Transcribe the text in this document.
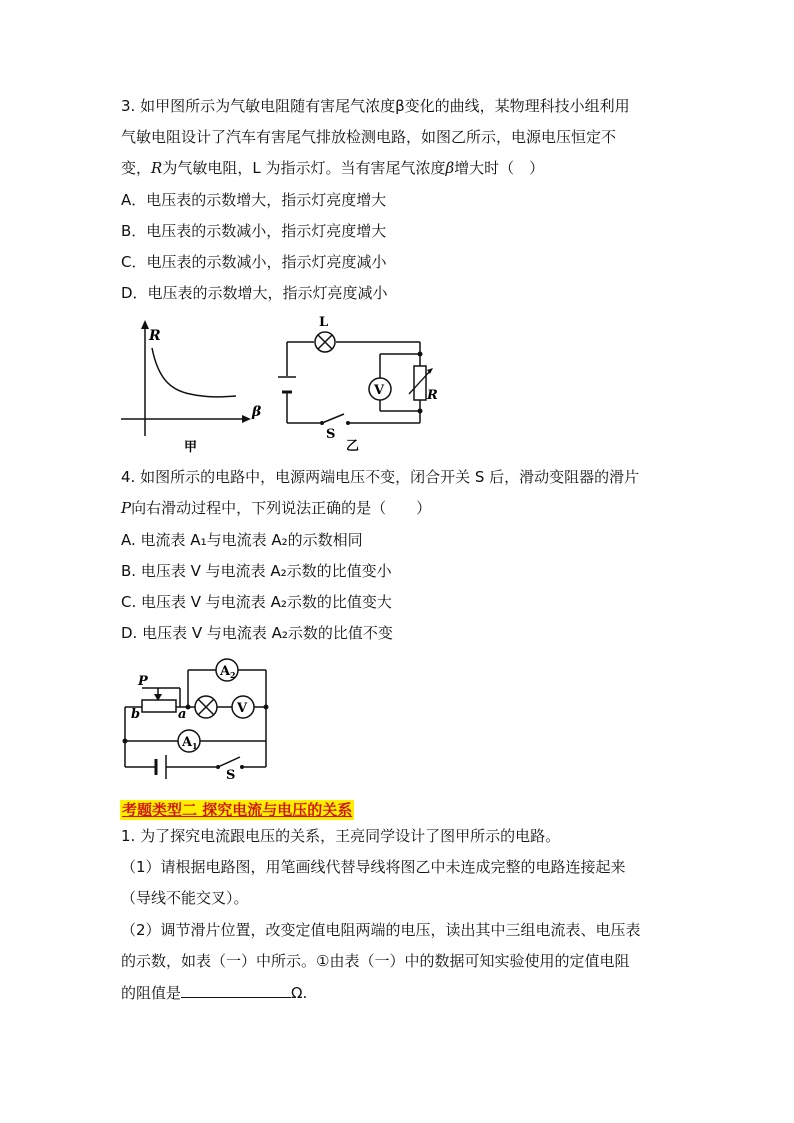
3. 如甲图所示为气敏电阻随有害尾气浓度β变化的曲线，某物理科技小组利用
气敏电阻设计了汽车有害尾气排放检测电路，如图乙所示，电源电压恒定不
变，R为气敏电阻，L 为指示灯。当有害尾气浓度β增大时（　）
A．电压表的示数增大，指示灯亮度增大
B．电压表的示数减小，指示灯亮度增大
C．电压表的示数减小，指示灯亮度减小
D．电压表的示数增大，指示灯亮度减小
R
β
甲
V
L
R
S
乙
4. 如图所示的电路中，电源两端电压不变，闭合开关 S 后，滑动变阻器的滑片
P向右滑动过程中，下列说法正确的是（　　）
A. 电流表 A₁与电流表 A₂的示数相同
B. 电压表 V 与电流表 A₂示数的比值变小
C. 电压表 V 与电流表 A₂示数的比值变大
D. 电压表 V 与电流表 A₂示数的比值不变
A 2
V
A 1
P
b	a
S
考题类型二 探究电流与电压的关系
1. 为了探究电流跟电压的关系，王亮同学设计了图甲所示的电路。
（1）请根据电路图，用笔画线代替导线将图乙中未连成完整的电路连接起来
（导线不能交叉）。
（2）调节滑片位置，改变定值电阻两端的电压，读出其中三组电流表、电压表
的示数，如表（一）中所示。①由表（一）中的数据可知实验使用的定值电阻
的阻值是	Ω.
